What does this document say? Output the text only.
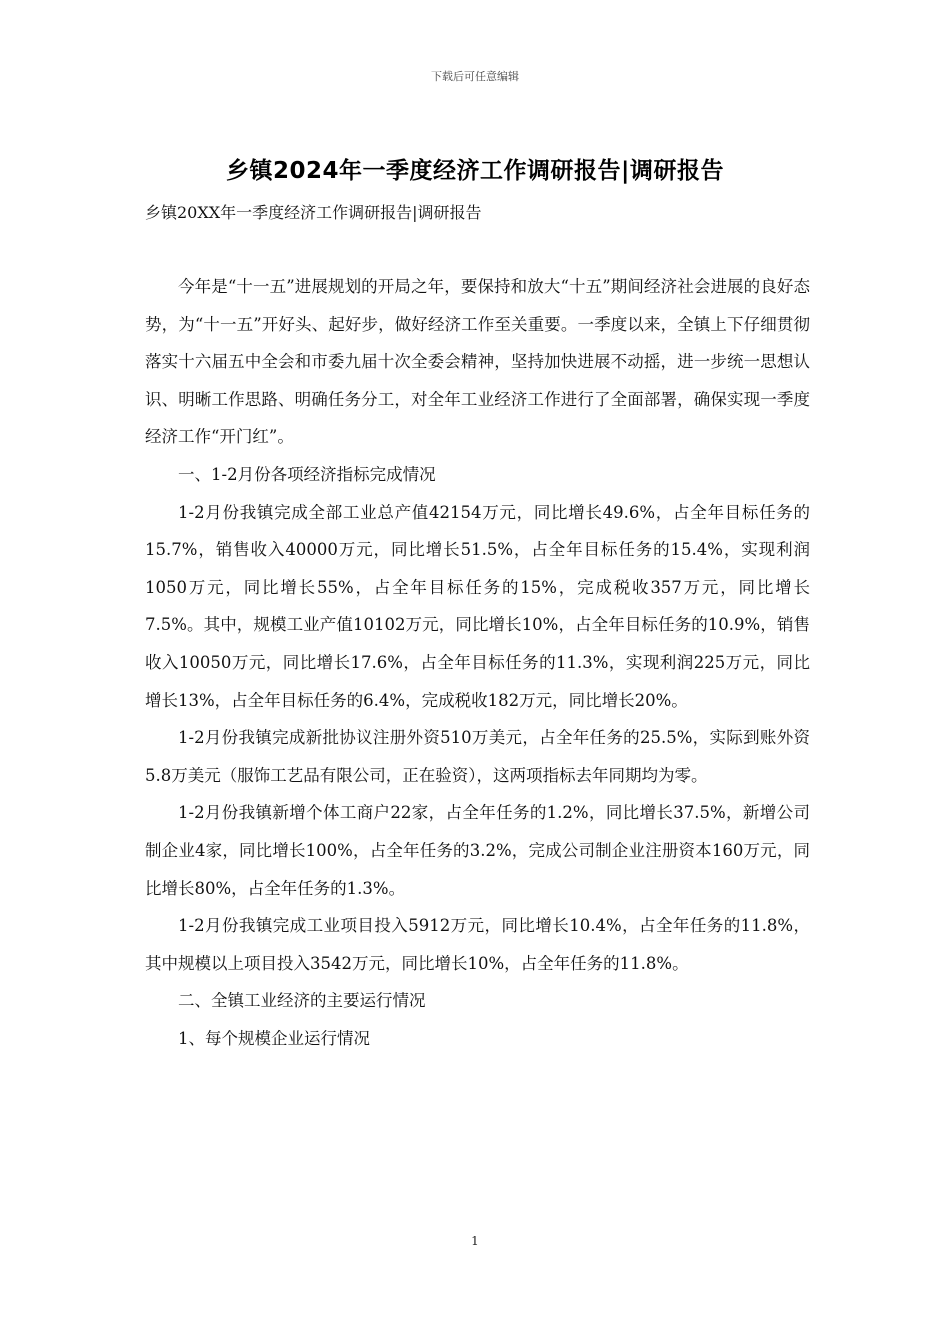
下载后可任意编辑
乡镇2024年一季度经济工作调研报告|调研报告

乡镇20XX年一季度经济工作调研报告|调研报告

今年是“十一五”进展规划的开局之年，要保持和放大“十五”期间经济社会进展的良好态势，为“十一五”开好头、起好步，做好经济工作至关重要。一季度以来，全镇上下仔细贯彻落实十六届五中全会和市委九届十次全委会精神，坚持加快进展不动摇，进一步统一思想认识、明晰工作思路、明确任务分工，对全年工业经济工作进行了全面部署，确保实现一季度经济工作“开门红”。

一、1-2月份各项经济指标完成情况

1-2月份我镇完成全部工业总产值42154万元，同比增长49.6%，占全年目标任务的15.7%，销售收入40000万元，同比增长51.5%，占全年目标任务的15.4%，实现利润1050万元，同比增长55%，占全年目标任务的15%，完成税收357万元，同比增长7.5%。其中，规模工业产值10102万元，同比增长10%，占全年目标任务的10.9%，销售收入10050万元，同比增长17.6%，占全年目标任务的11.3%，实现利润225万元，同比增长13%，占全年目标任务的6.4%，完成税收182万元，同比增长20%。

1-2月份我镇完成新批协议注册外资510万美元，占全年任务的25.5%，实际到账外资5.8万美元（服饰工艺品有限公司，正在验资），这两项指标去年同期均为零。

1-2月份我镇新增个体工商户22家，占全年任务的1.2%，同比增长37.5%，新增公司制企业4家，同比增长100%，占全年任务的3.2%，完成公司制企业注册资本160万元，同比增长80%，占全年任务的1.3%。

1-2月份我镇完成工业项目投入5912万元，同比增长10.4%，占全年任务的11.8%，其中规模以上项目投入3542万元，同比增长10%，占全年任务的11.8%。

二、全镇工业经济的主要运行情况

1、每个规模企业运行情况

1
